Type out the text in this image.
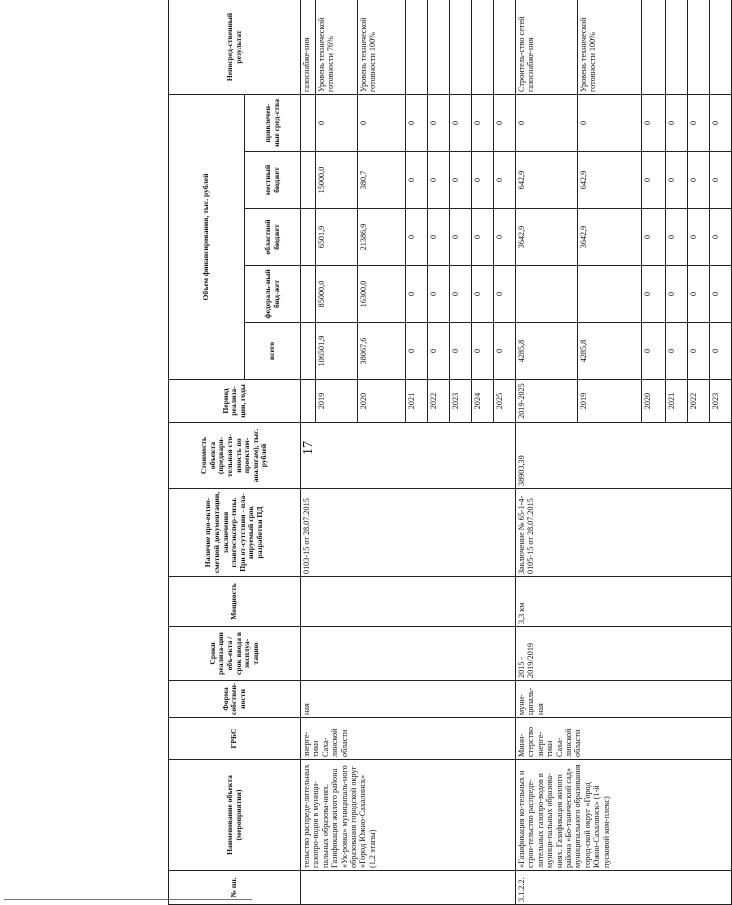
17
№ пп.	Наименование объекта (мероприятия)	ГРБС	Форма собствен-ности	Сроки реализа-ции объ-екта / срок ввода в эксплуа-тацию	Мощность	Наличие про-ектно-сметной документации, заключения главгосэкспер-тизы. При от-сутствии - пла-нируемый срок разработки ПД	Стоимость объекта (предвари-тельная сто-имость по проектам-аналогам), тыс. рублей	Период реализа-ции, годы	Объем финансирования, тыс. рублей					Непосред-ственный результат
									всего	федераль-ный бюд-жет	областной бюджет	местный бюджет	привлечен-ные сред-ства	
	тельство распреде-лительных газопро-водов в муници-пальных образова-ниях. Газификация жилого района «Ук-ровка» муниципаль-ного образования городской округ «Город Южно-Сахалинск» (1,2 этапы)	энерге-тики Саха-линской области	ная			0103-15 от 28.07.2015								газоснабже-ния
								2019	106501,9	85000,0	6501,9	15000,0	0	Уровень технической готовности 76%
								2020	38067,6	16300,0	21386,9	380,7	0	Уровень технической готовности 100%
								2021	0	0	0	0	0	
								2022	0	0	0	0	0	
								2023	0	0	0	0	0	
								2024	0	0	0	0	0	
								2025	0	0	0	0	0	
3.1.2.2.	«Газификация ко-тельных и строи-тельство распреде-лительных газопро-водов в муници-пальных образова-ниях. Газификация жилого района «Бо-танический сад» муниципального образования город-ской округ «Город Южно-Сахалинск» (1-й пусковой ком-плекс)	Мини-стерство энерге-тики Саха-линской области	муни-ципаль-ная	2015 - 2019/2019	3,3 км	Заключение № 65-1-4-0105-15 от 28.07.2015	38903,39	2019-2025	4285,8		3642,9	642,9	0	Строитель-ство сетей газоснабже-ния
								2019	4285,8		3642,9	642,9	0	Уровень технической готовности 100%
								2020	0	0	0	0	0	
								2021	0	0	0	0	0	
								2022	0	0	0	0	0	
								2023	0	0	0	0	0	
